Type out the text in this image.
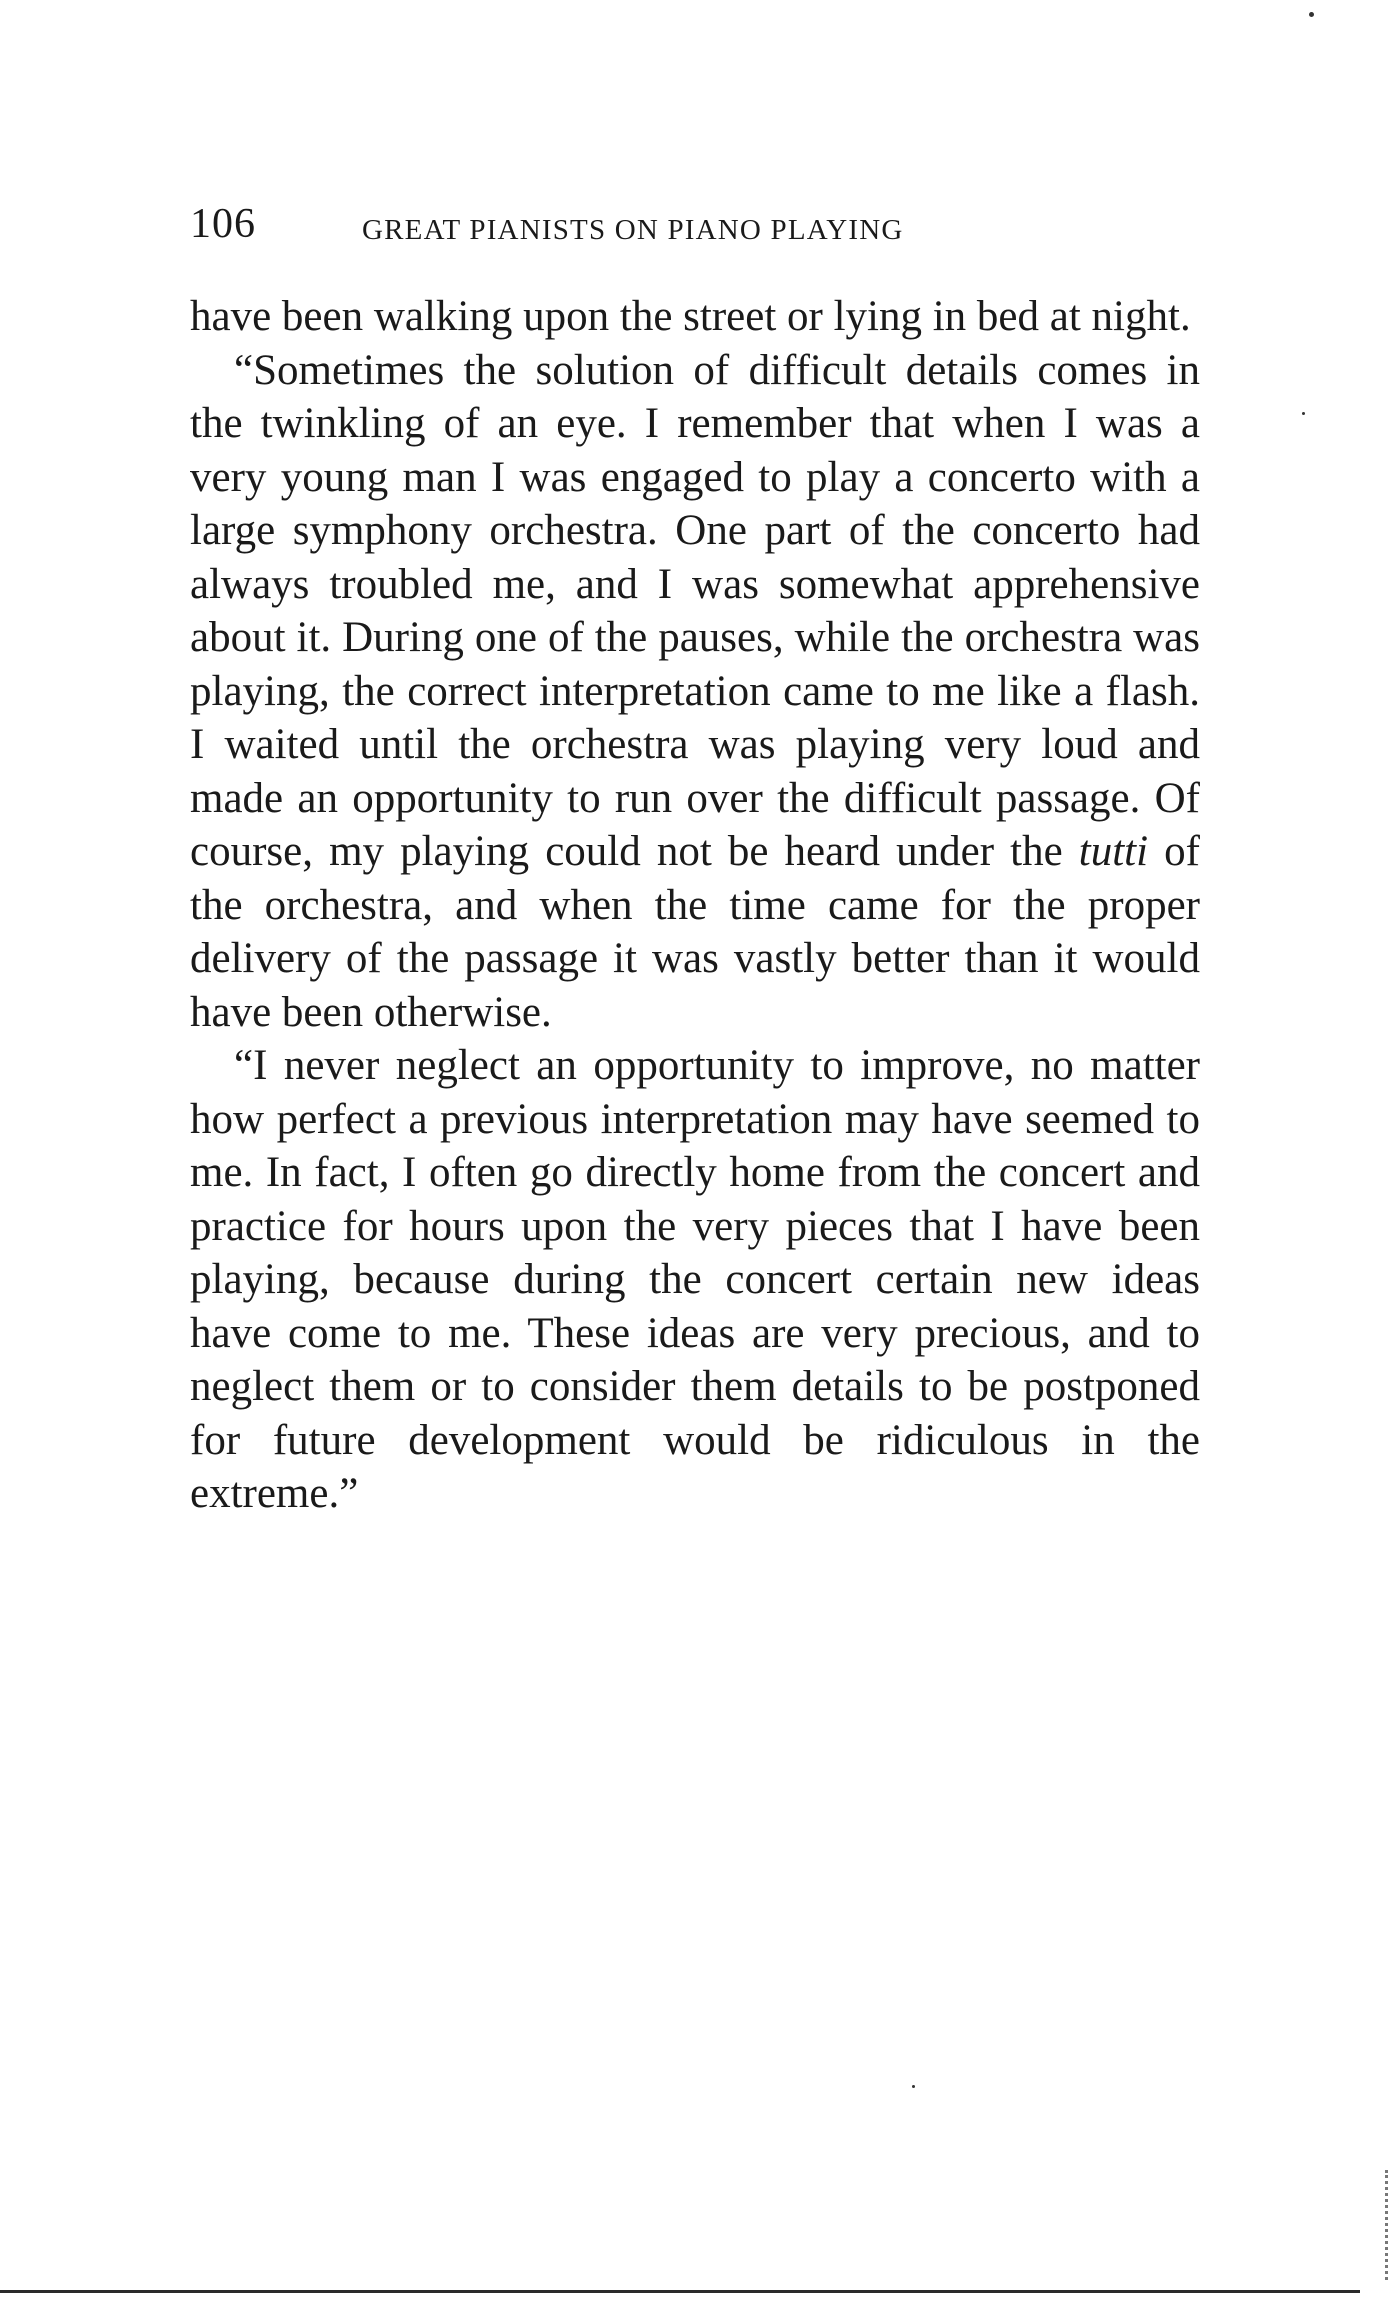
106	GREAT PIANISTS ON PIANO PLAYING

have been walking upon the street or lying in bed at night.

“Sometimes the solution of difficult details comes in the twinkling of an eye. I remember that when I was a very young man I was engaged to play a concerto with a large symphony orchestra. One part of the concerto had always troubled me, and I was somewhat apprehensive about it. During one of the pauses, while the orchestra was playing, the correct interpretation came to me like a flash. I waited until the orchestra was playing very loud and made an opportunity to run over the difficult passage. Of course, my playing could not be heard under the tutti of the orchestra, and when the time came for the proper delivery of the passage it was vastly better than it would have been otherwise.

“I never neglect an opportunity to improve, no matter how perfect a previous interpretation may have seemed to me. In fact, I often go directly home from the concert and practice for hours upon the very pieces that I have been playing, because during the concert certain new ideas have come to me. These ideas are very precious, and to neglect them or to consider them details to be postponed for future development would be ridiculous in the extreme.”
